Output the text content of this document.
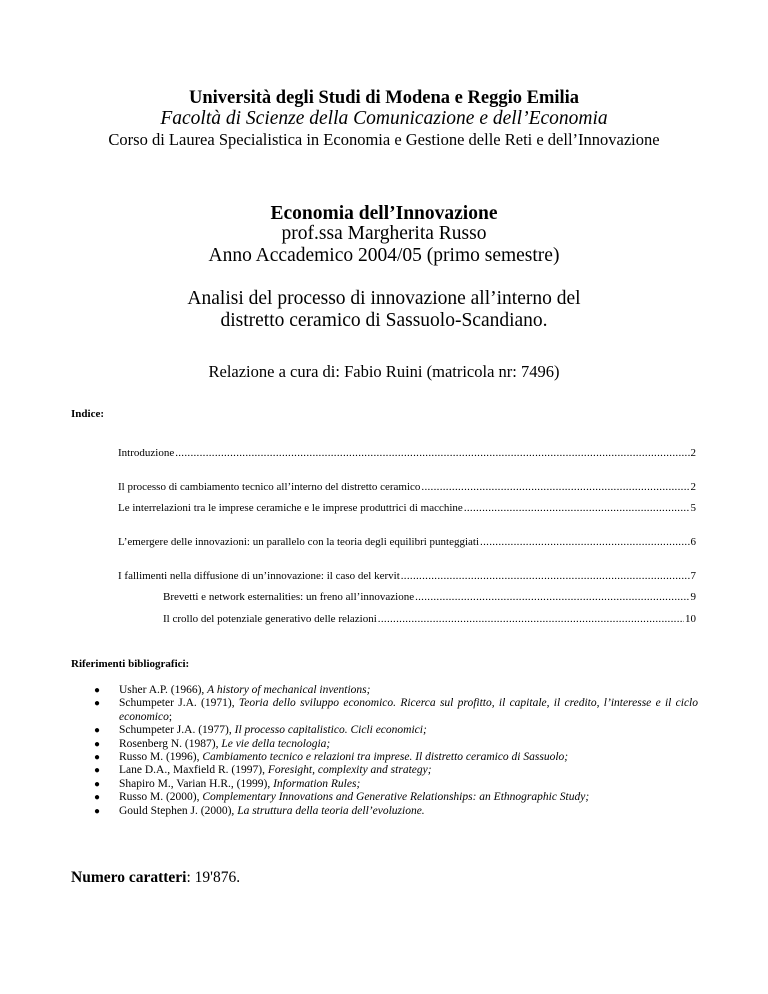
Università degli Studi di Modena e Reggio Emilia
Facoltà di Scienze della Comunicazione e dell’Economia
Corso di Laurea Specialistica in Economia e Gestione delle Reti e dell’Innovazione
Economia dell’Innovazione
prof.ssa Margherita Russo
Anno Accademico 2004/05 (primo semestre)
Analisi del processo di innovazione all’interno del
distretto ceramico di Sassuolo-Scandiano.
Relazione a cura di: Fabio Ruini (matricola nr: 7496)
Indice:
Introduzione .....	2
Il processo di cambiamento tecnico all’interno del distretto ceramico .....	2
Le interrelazioni tra le imprese ceramiche e le imprese produttrici di macchine .....	5
L’emergere delle innovazioni: un parallelo con la teoria degli equilibri punteggiati .....	6
I fallimenti nella diffusione di un’innovazione: il caso del kervit .....	7
Brevetti e network esternalities: un freno all’innovazione .....	9
Il crollo del potenziale generativo delle relazioni .....	10
Riferimenti bibliografici:
● Usher A.P. (1966), A history of mechanical inventions;
● Schumpeter J.A. (1971), Teoria dello sviluppo economico. Ricerca sul profitto, il capitale, il credito, l’interesse e il ciclo economico;
● Schumpeter J.A. (1977), Il processo capitalistico. Cicli economici;
● Rosenberg N. (1987), Le vie della tecnologia;
● Russo M. (1996), Cambiamento tecnico e relazioni tra imprese. Il distretto ceramico di Sassuolo;
● Lane D.A., Maxfield R. (1997), Foresight, complexity and strategy;
● Shapiro M., Varian H.R., (1999), Information Rules;
● Russo M. (2000), Complementary Innovations and Generative Relationships: an Ethnographic Study;
● Gould Stephen J. (2000), La struttura della teoria dell’evoluzione.
Numero caratteri: 19'876.
